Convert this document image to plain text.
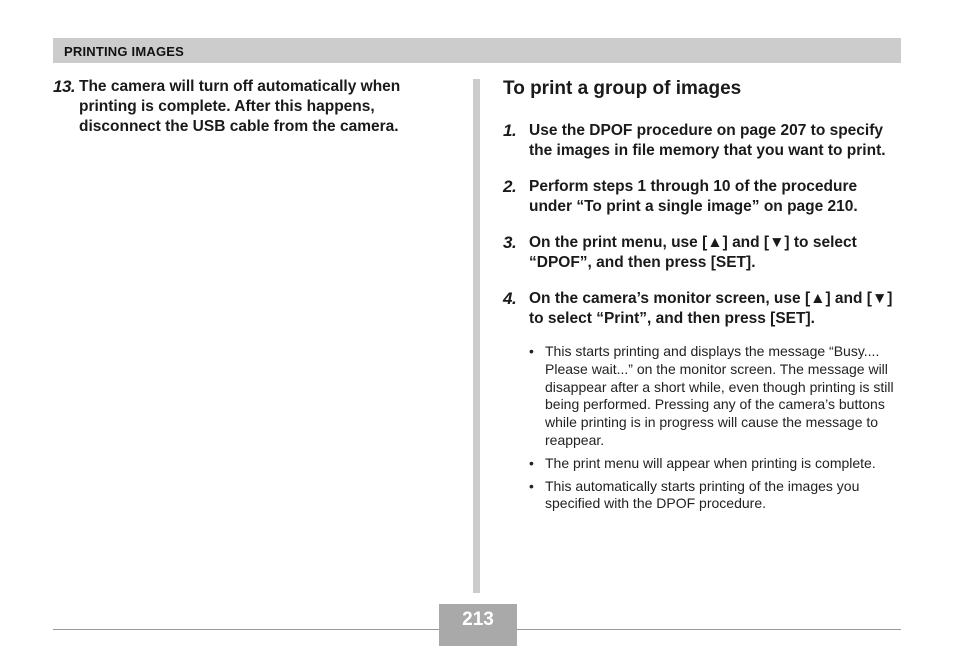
PRINTING IMAGES
13. The camera will turn off automatically when printing is complete. After this happens, disconnect the USB cable from the camera.

To print a group of images
1. Use the DPOF procedure on page 207 to specify the images in file memory that you want to print.

2. Perform steps 1 through 10 of the procedure under “To print a single image” on page 210.

3. On the print menu, use [▲] and [▼] to select “DPOF”, and then press [SET].

4. On the camera’s monitor screen, use [▲] and [▼] to select “Print”, and then press [SET].

• This starts printing and displays the message “Busy.... Please wait...” on the monitor screen. The message will disappear after a short while, even though printing is still being performed. Pressing any of the camera’s buttons while printing is in progress will cause the message to reappear.
• The print menu will appear when printing is complete.
• This automatically starts printing of the images you specified with the DPOF procedure.
213
